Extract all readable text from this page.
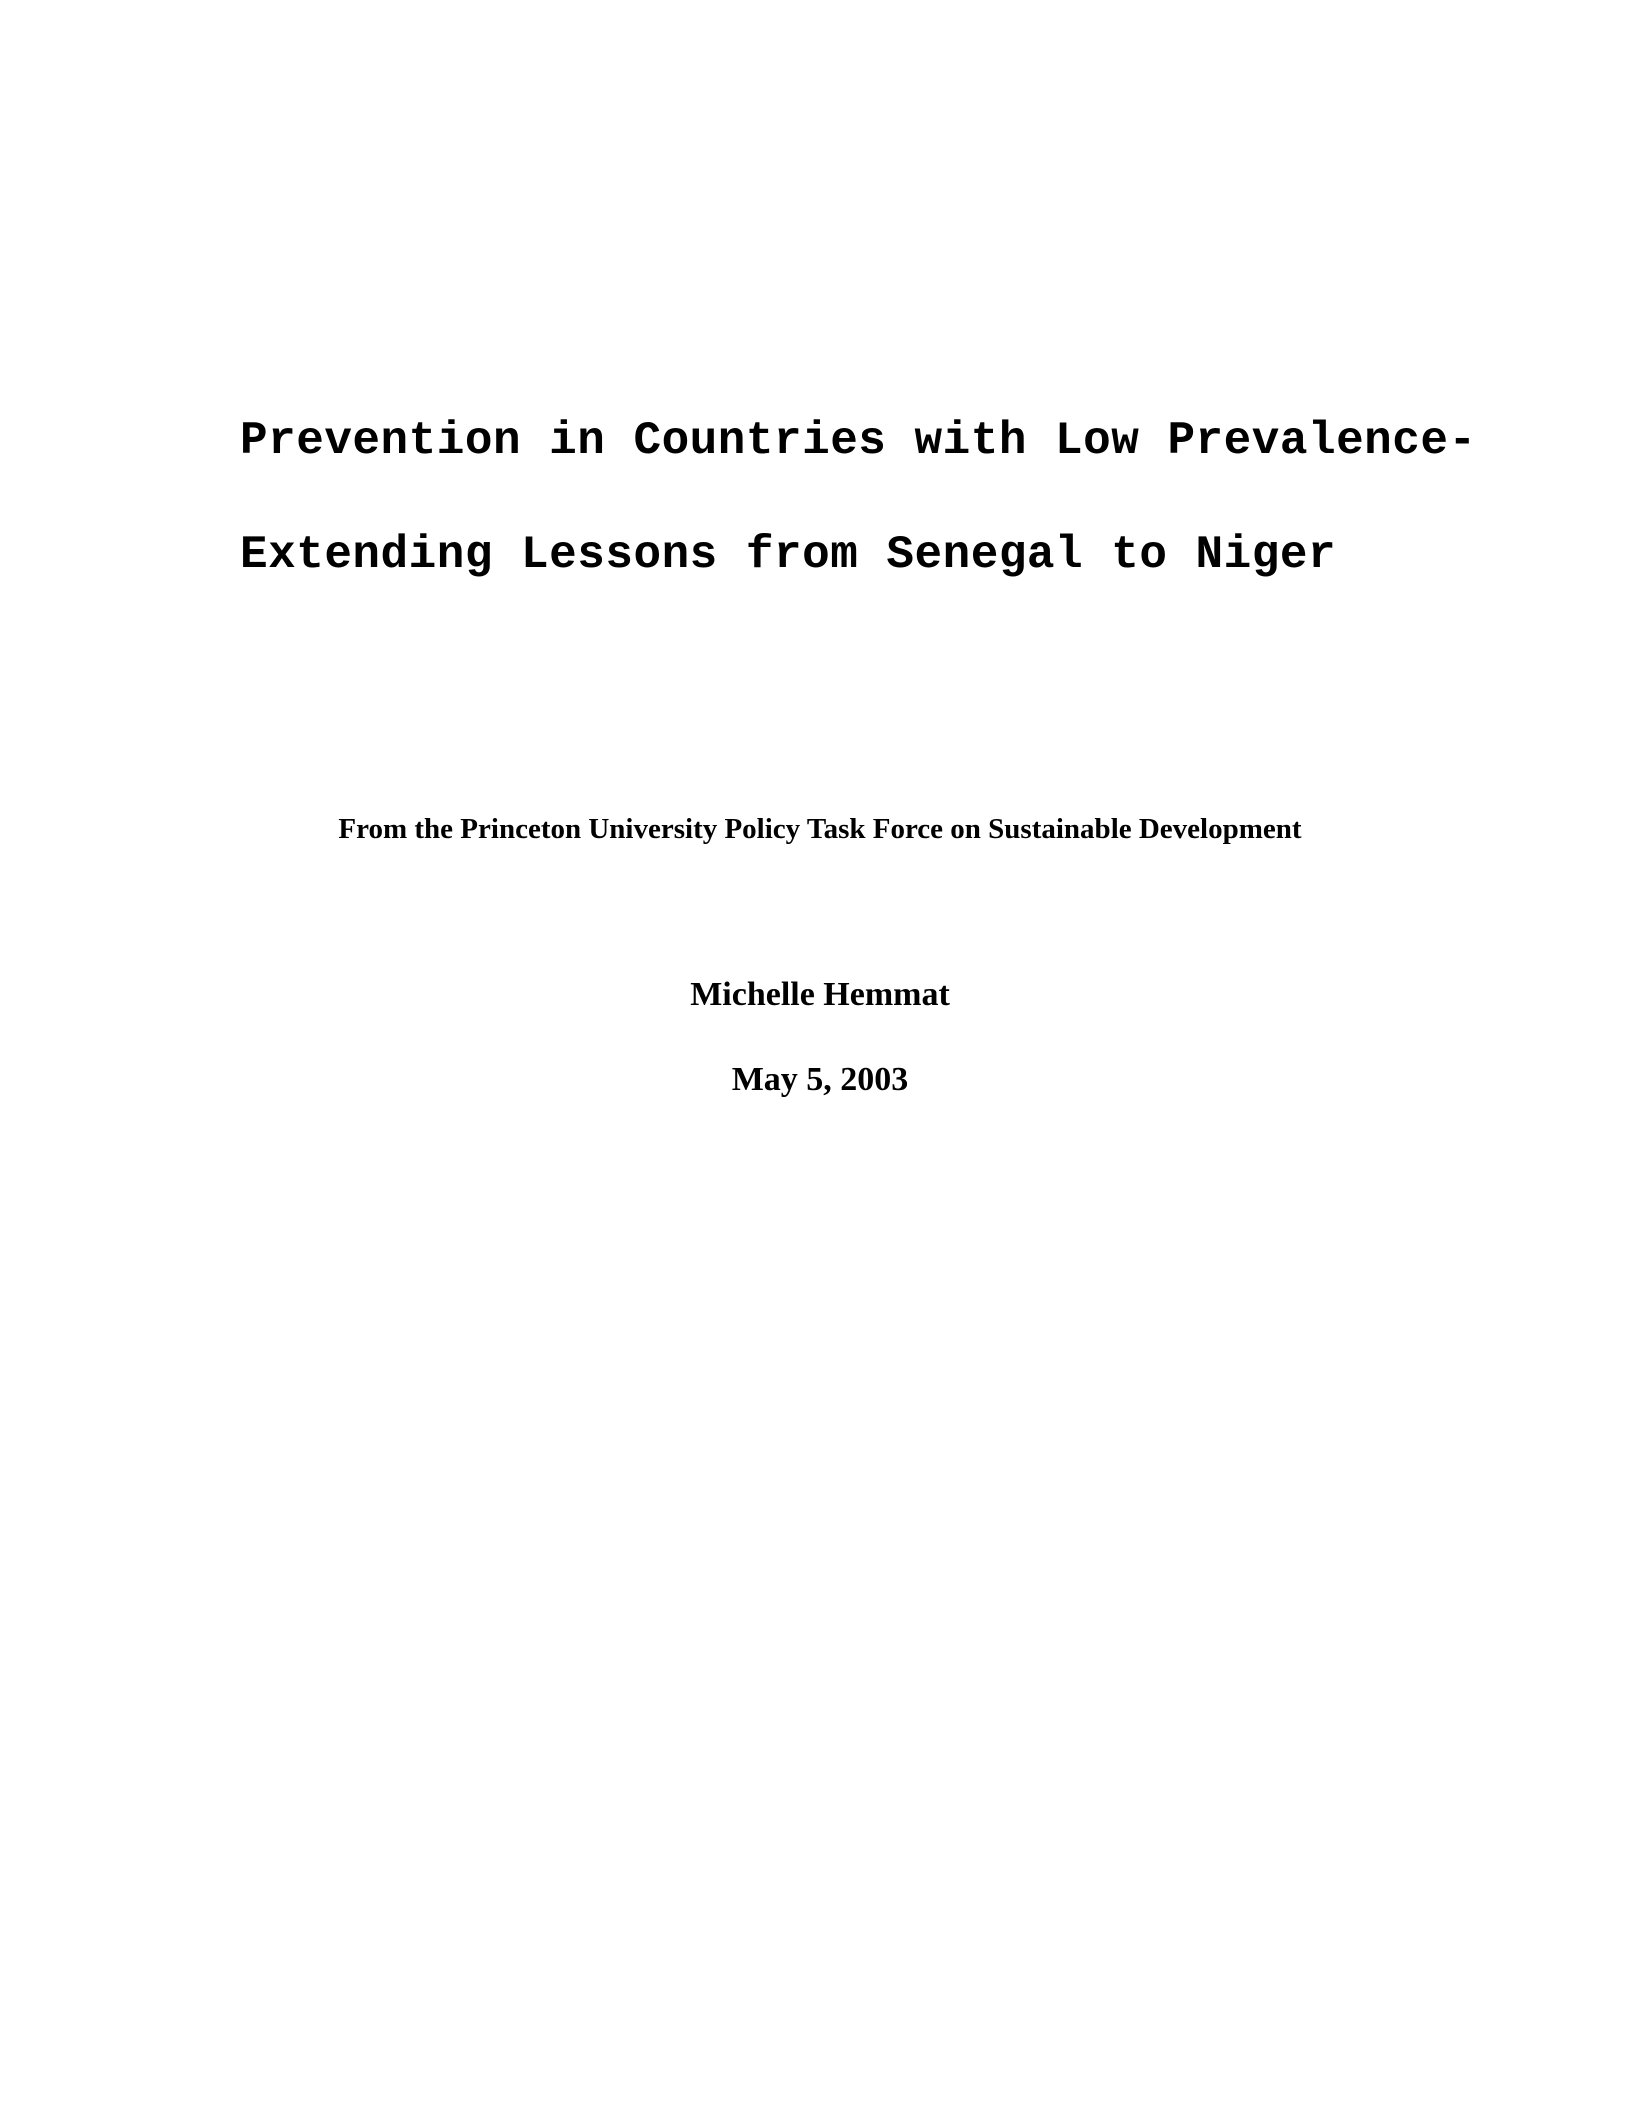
Prevention in Countries with Low Prevalence-
Extending Lessons from Senegal to Niger
From the Princeton University Policy Task Force on Sustainable Development
Michelle Hemmat
May 5, 2003
